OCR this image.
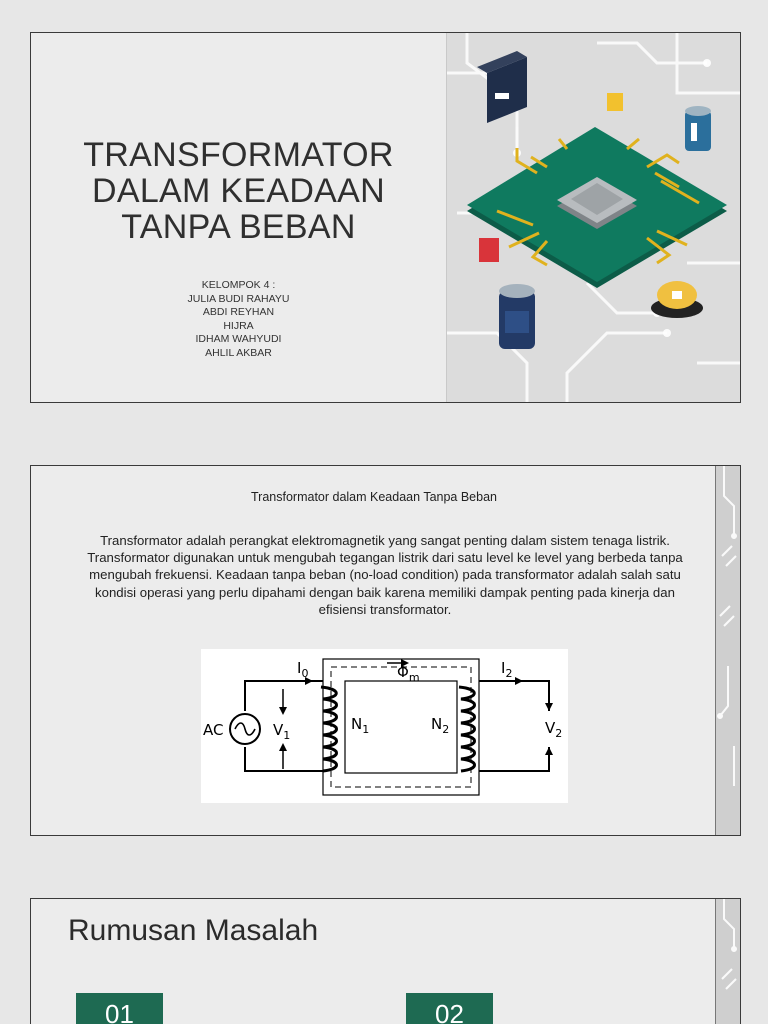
TRANSFORMATOR
DALAM KEADAAN
TANPA BEBAN
KELOMPOK 4 :
JULIA BUDI RAHAYU
ABDI REYHAN
HIJRA
IDHAM WAHYUDI
AHLIL AKBAR
Transformator dalam Keadaan Tanpa Beban
Transformator adalah perangkat elektromagnetik yang sangat penting dalam sistem tenaga listrik. Transformator digunakan untuk mengubah tegangan listrik dari satu level ke level yang berbeda tanpa mengubah frekuensi. Keadaan tanpa beban (no-load condition) pada transformator adalah salah satu kondisi operasi yang perlu dipahami dengan baik karena memiliki dampak penting pada kinerja dan efisiensi transformator.
AC
$I_0$	$I_2$
$\Phi_m$
$V_1$	$V_2$
$N_1$	$N_2$
Rumusan Masalah
01	02
